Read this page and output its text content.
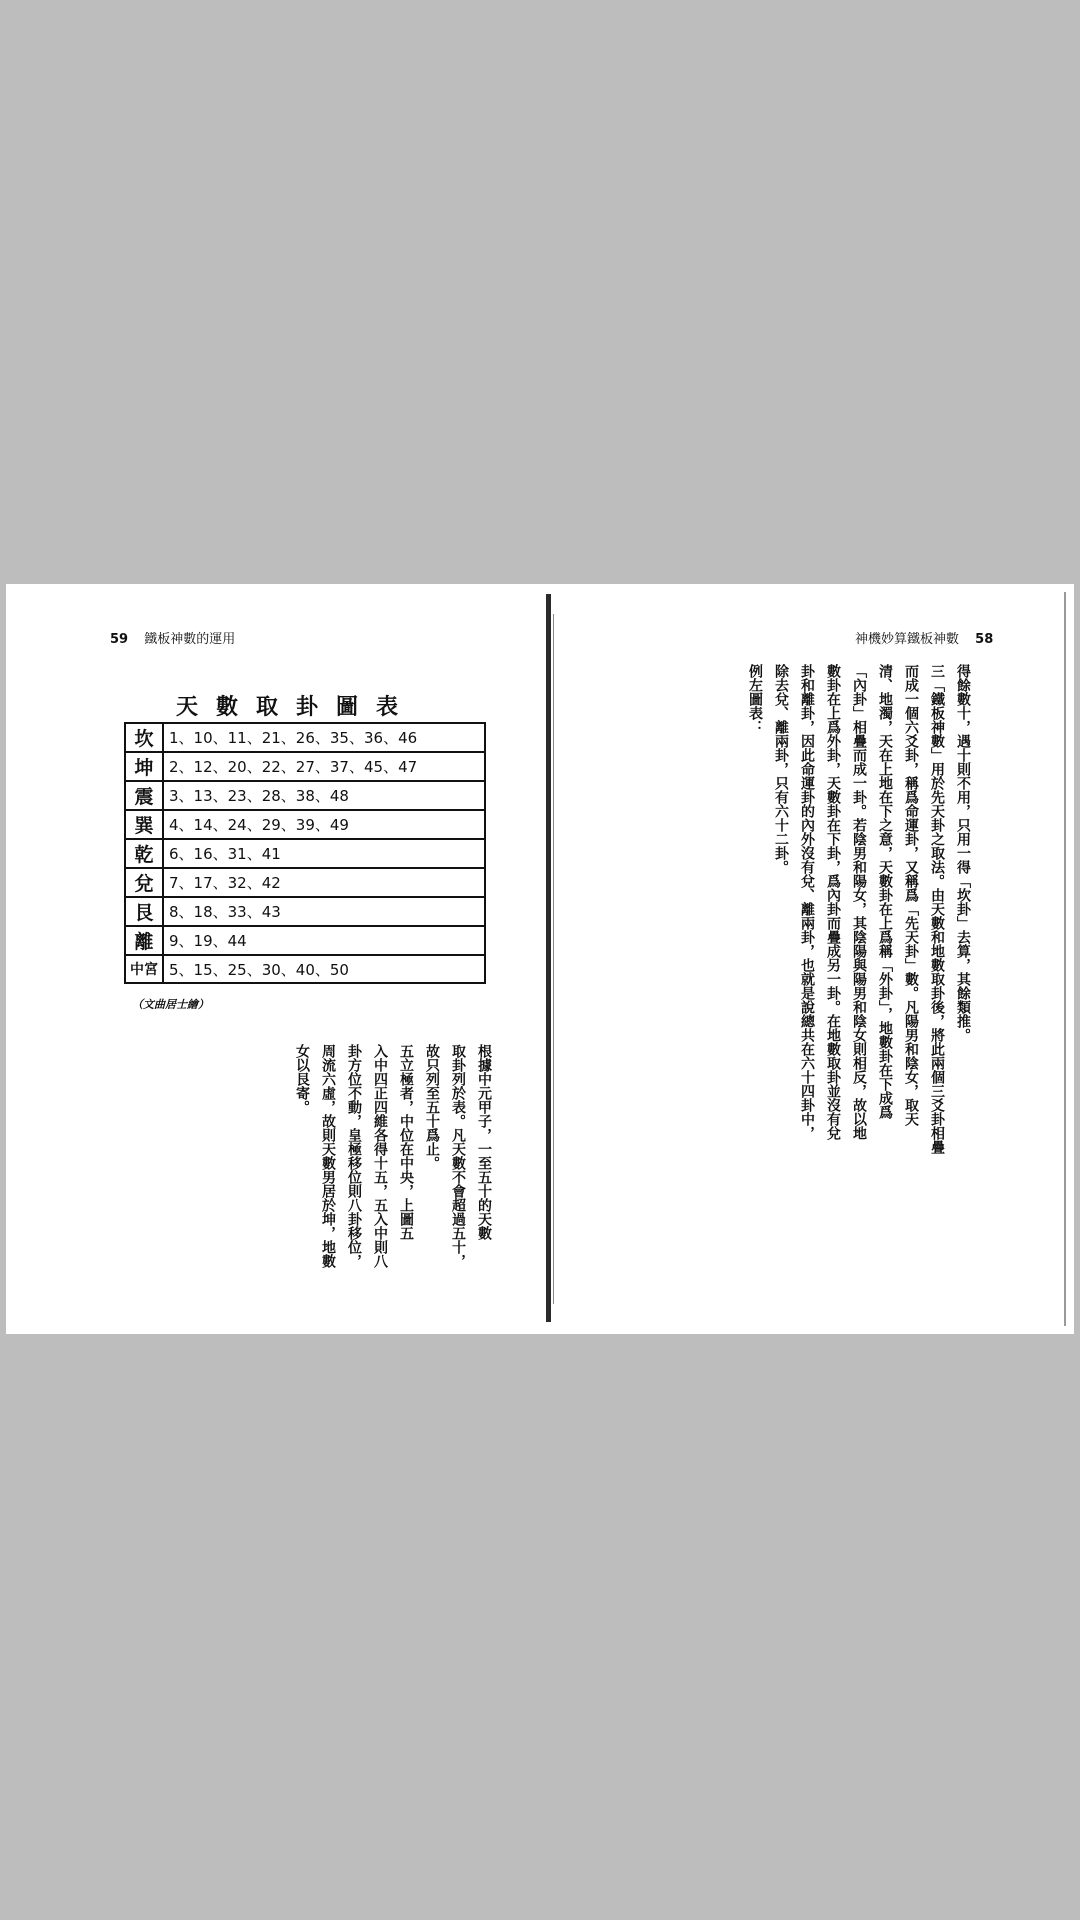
59 鐵板神數的運用
天數取卦圖表
坎	1、10、11、21、26、35、36、46
坤	2、12、20、22、27、37、45、47
震	3、13、23、28、38、48
巽	4、14、24、29、39、49
乾	6、16、31、41
兌	7、17、32、42
艮	8、18、33、43
離	9、19、44
中宮	5、15、25、30、40、50
（文曲居士繪）
根據中元甲子，一至五十的天數
取卦列於表。凡天數不會超過五十，
故只列至五十爲止。
五立極者，中位在中央，上圖五
入中四正四維各得十五，五入中則八
卦方位不動，皇極移位則八卦移位，
周流六虛，故則天數男居於坤，地數
女以艮寄。
神機妙算鐵板神數 58
得餘數十，遇十則不用，只用一得「坎卦」去算，其餘類推。
三「鐵板神數」用於先天卦之取法。由天數和地數取卦後，將此兩個三爻卦相疊
而成一個六爻卦，稱爲命運卦，又稱爲「先天卦」數。凡陽男和陰女，取天
清、地濁，天在上地在下之意，天數卦在上爲稱「外卦」，地數卦在下成爲
「內卦」相疊而成一卦。若陰男和陽女，其陰陽與陽男和陰女則相反，故以地
數卦在上爲外卦，天數卦在下卦，爲內卦而疊成另一卦。在地數取卦並沒有兌
卦和離卦，因此命運卦的內外沒有兌、離兩卦，也就是說總共在六十四卦中，
除去兌、離兩卦，只有六十二卦。
例左圖表：
